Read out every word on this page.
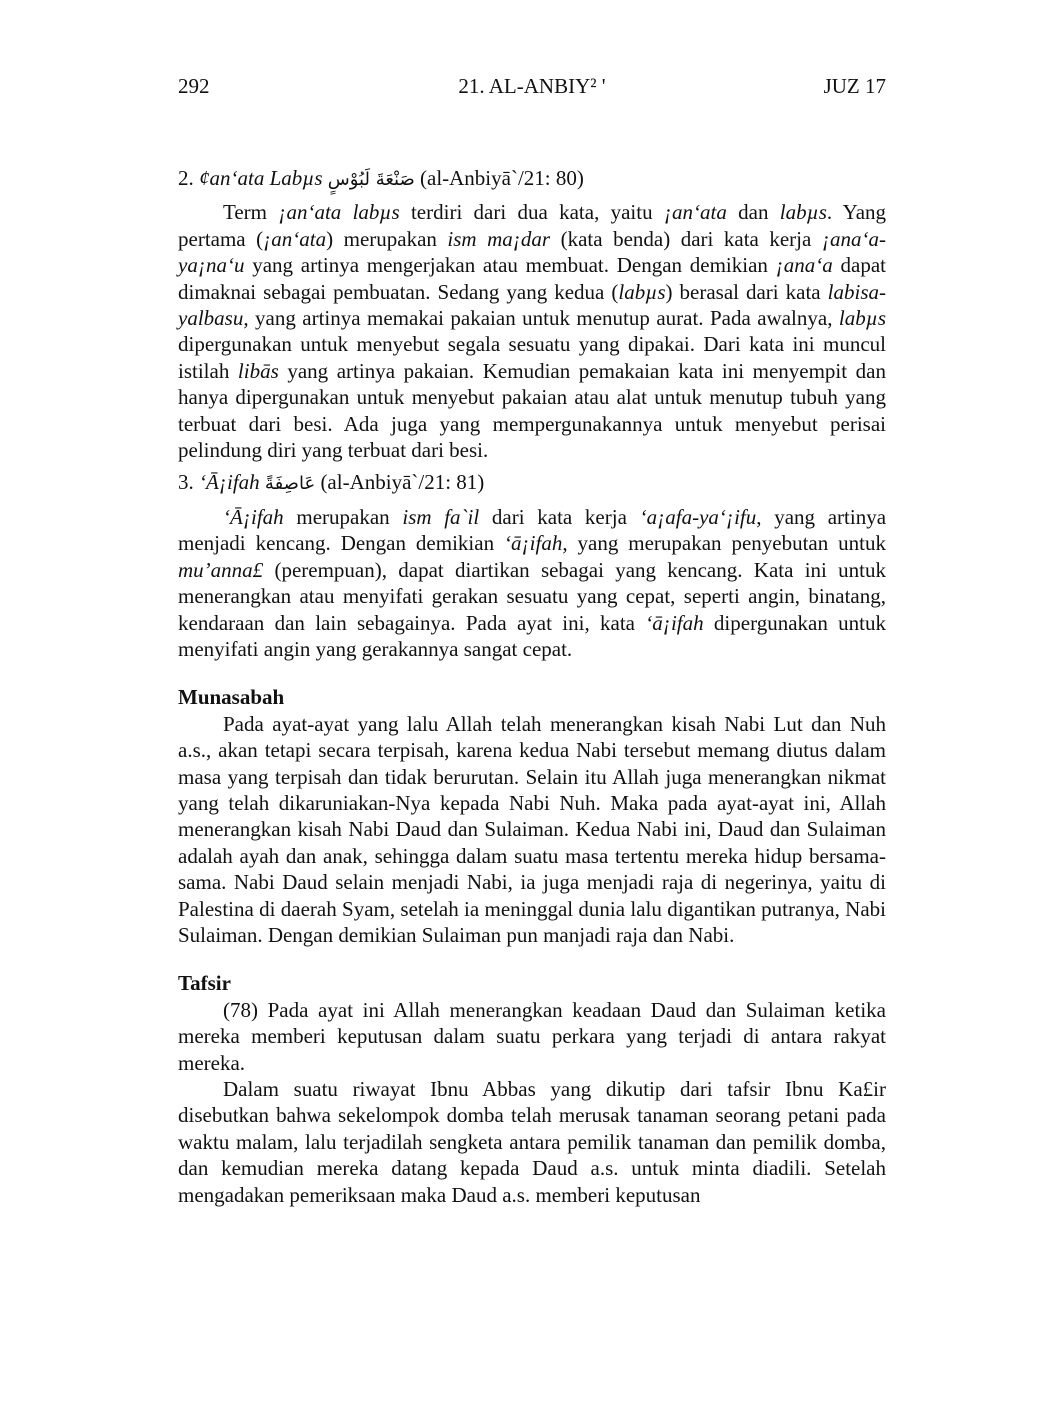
292	21. AL-ANBIY² '	JUZ 17
2. ¢an‘ata Labµs صَنْعَةَ لَبُوْسٍ (al-Anbiyā`/21: 80)

Term ¡an‘ata labµs terdiri dari dua kata, yaitu ¡an‘ata dan labµs. Yang pertama (¡an‘ata) merupakan ism ma¡dar (kata benda) dari kata kerja ¡ana‘a-ya¡na‘u yang artinya mengerjakan atau membuat. Dengan demikian ¡ana‘a dapat dimaknai sebagai pembuatan. Sedang yang kedua (labµs) berasal dari kata labisa-yalbasu, yang artinya memakai pakaian untuk menutup aurat. Pada awalnya, labµs dipergunakan untuk menyebut segala sesuatu yang dipakai. Dari kata ini muncul istilah libās yang artinya pakaian. Kemudian pemakaian kata ini menyempit dan hanya dipergunakan untuk menyebut pakaian atau alat untuk menutup tubuh yang terbuat dari besi. Ada juga yang mempergunakannya untuk menyebut perisai pelindung diri yang terbuat dari besi.

3. ‘Ā¡ifah عَاصِفَةً (al-Anbiyā`/21: 81)

‘Ā¡ifah merupakan ism fa`il dari kata kerja ‘a¡afa-ya‘¡ifu, yang artinya menjadi kencang. Dengan demikian ‘ā¡ifah, yang merupakan penyebutan untuk mu’anna£ (perempuan), dapat diartikan sebagai yang kencang. Kata ini untuk menerangkan atau menyifati gerakan sesuatu yang cepat, seperti angin, binatang, kendaraan dan lain sebagainya. Pada ayat ini, kata ‘ā¡ifah dipergunakan untuk menyifati angin yang gerakannya sangat cepat.

Munasabah

Pada ayat-ayat yang lalu Allah telah menerangkan kisah Nabi Lut dan Nuh a.s., akan tetapi secara terpisah, karena kedua Nabi tersebut memang diutus dalam masa yang terpisah dan tidak berurutan. Selain itu Allah juga menerangkan nikmat yang telah dikaruniakan-Nya kepada Nabi Nuh. Maka pada ayat-ayat ini, Allah menerangkan kisah Nabi Daud dan Sulaiman. Kedua Nabi ini, Daud dan Sulaiman adalah ayah dan anak, sehingga dalam suatu masa tertentu mereka hidup bersama-sama. Nabi Daud selain menjadi Nabi, ia juga menjadi raja di negerinya, yaitu di Palestina di daerah Syam, setelah ia meninggal dunia lalu digantikan putranya, Nabi Sulaiman. Dengan demikian Sulaiman pun manjadi raja dan Nabi.

Tafsir

(78) Pada ayat ini Allah menerangkan keadaan Daud dan Sulaiman ketika mereka memberi keputusan dalam suatu perkara yang terjadi di antara rakyat mereka.

Dalam suatu riwayat Ibnu Abbas yang dikutip dari tafsir Ibnu Ka£ir disebutkan bahwa sekelompok domba telah merusak tanaman seorang petani pada waktu malam, lalu terjadilah sengketa antara pemilik tanaman dan pemilik domba, dan kemudian mereka datang kepada Daud a.s. untuk minta diadili. Setelah mengadakan pemeriksaan maka Daud a.s. memberi keputusan
